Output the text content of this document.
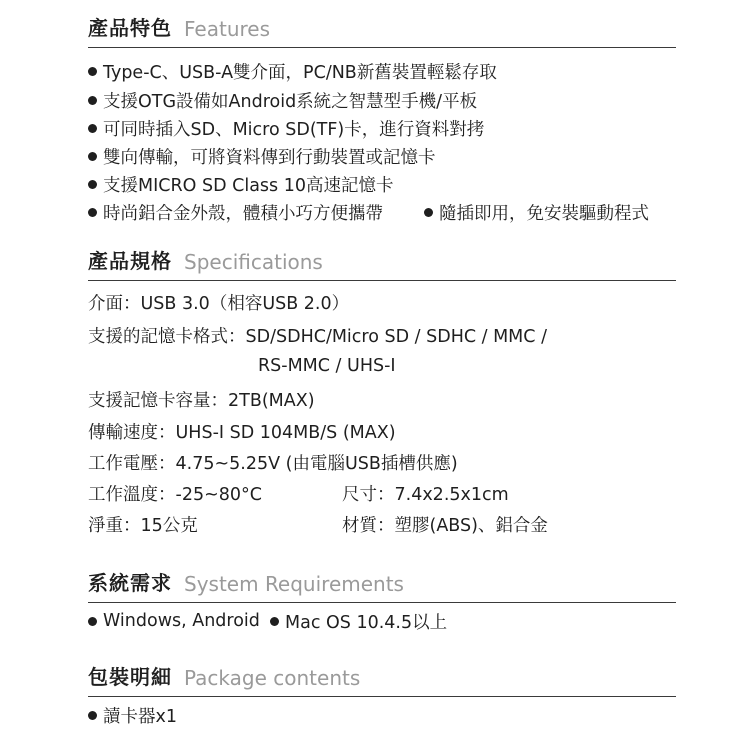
產品特色 Features
Type-C、USB-A雙介面，PC/NB新舊裝置輕鬆存取
支援OTG設備如Android系統之智慧型手機/平板
可同時插入SD、Micro SD(TF)卡，進行資料對拷
雙向傳輸，可將資料傳到行動裝置或記憶卡
支援MICRO SD Class 10高速記憶卡
時尚鋁合金外殼，體積小巧方便攜帶	隨插即用，免安裝驅動程式
產品規格 Specifications
介面：USB 3.0（相容USB 2.0）
支援的記憶卡格式：SD/SDHC/Micro SD / SDHC / MMC /
RS-MMC / UHS-I
支援記憶卡容量：2TB(MAX)
傳輸速度：UHS-I SD 104MB/S (MAX)
工作電壓：4.75~5.25V (由電腦USB插槽供應)
工作溫度：-25~80°C	尺寸：7.4x2.5x1cm
淨重：15公克	材質：塑膠(ABS)、鋁合金
系統需求 System Requirements
Windows, Android Mac OS 10.4.5以上
包裝明細 Package contents
讀卡器x1
